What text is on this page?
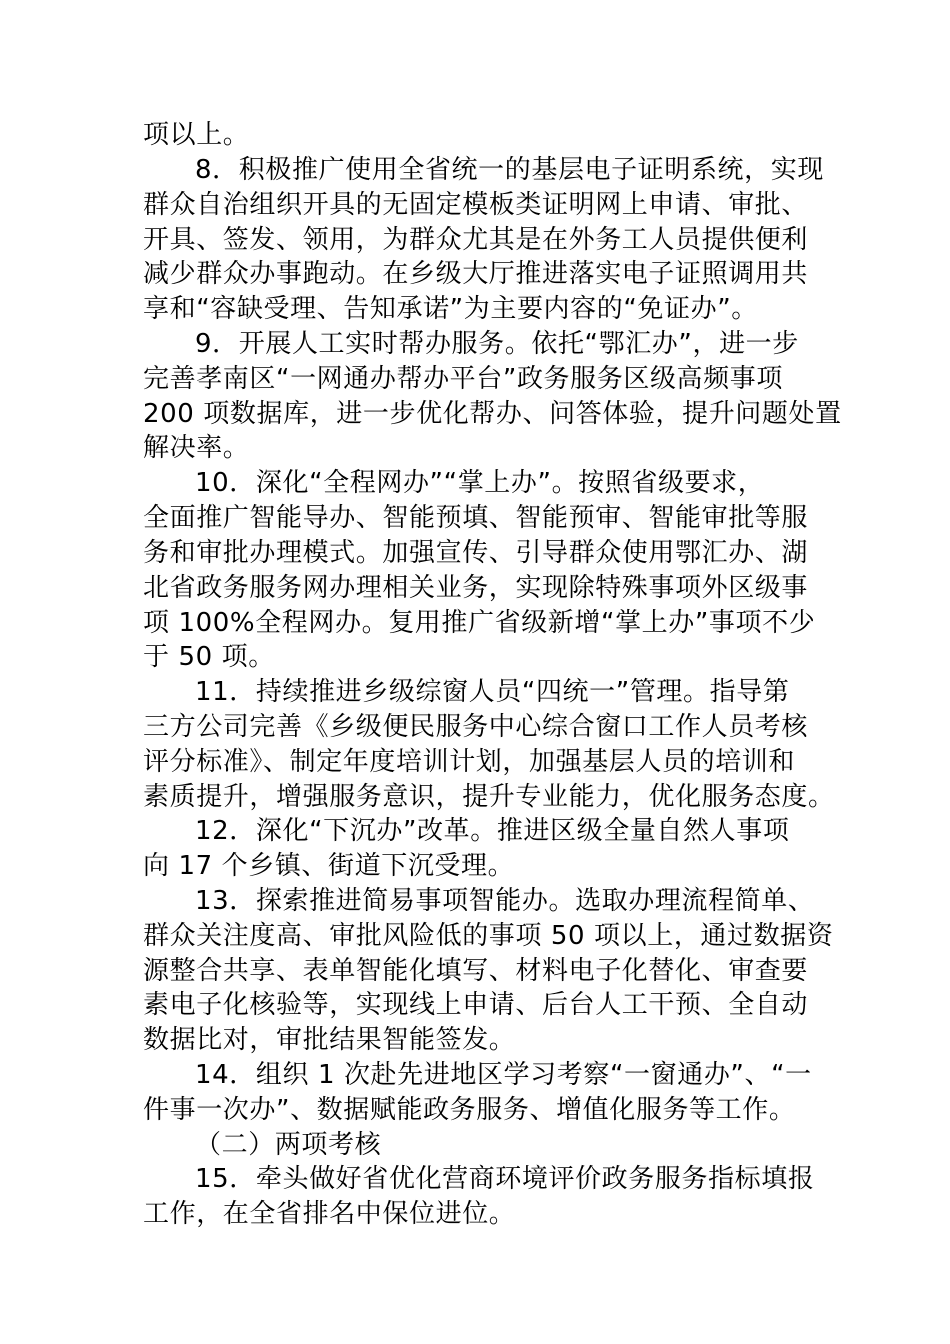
项以上。
8．积极推广使用全省统一的基层电子证明系统，实现
群众自治组织开具的无固定模板类证明网上申请、审批、
开具、签发、领用，为群众尤其是在外务工人员提供便利
减少群众办事跑动。在乡级大厅推进落实电子证照调用共
享和“容缺受理、告知承诺”为主要内容的“免证办”。
9．开展人工实时帮办服务。依托“鄂汇办”，进一步
完善孝南区“一网通办帮办平台”政务服务区级高频事项
200 项数据库，进一步优化帮办、问答体验，提升问题处置
解决率。
10．深化“全程网办”“掌上办”。按照省级要求，
全面推广智能导办、智能预填、智能预审、智能审批等服
务和审批办理模式。加强宣传、引导群众使用鄂汇办、湖
北省政务服务网办理相关业务，实现除特殊事项外区级事
项 100%全程网办。复用推广省级新增“掌上办”事项不少
于 50 项。
11．持续推进乡级综窗人员“四统一”管理。指导第
三方公司完善《乡级便民服务中心综合窗口工作人员考核
评分标准》、制定年度培训计划，加强基层人员的培训和
素质提升，增强服务意识，提升专业能力，优化服务态度。
12．深化“下沉办”改革。推进区级全量自然人事项
向 17 个乡镇、街道下沉受理。
13．探索推进简易事项智能办。选取办理流程简单、
群众关注度高、审批风险低的事项 50 项以上，通过数据资
源整合共享、表单智能化填写、材料电子化替化、审查要
素电子化核验等，实现线上申请、后台人工干预、全自动
数据比对，审批结果智能签发。
14．组织 1 次赴先进地区学习考察“一窗通办”、“一
件事一次办”、数据赋能政务服务、增值化服务等工作。
（二）两项考核
15．牵头做好省优化营商环境评价政务服务指标填报
工作，在全省排名中保位进位。
